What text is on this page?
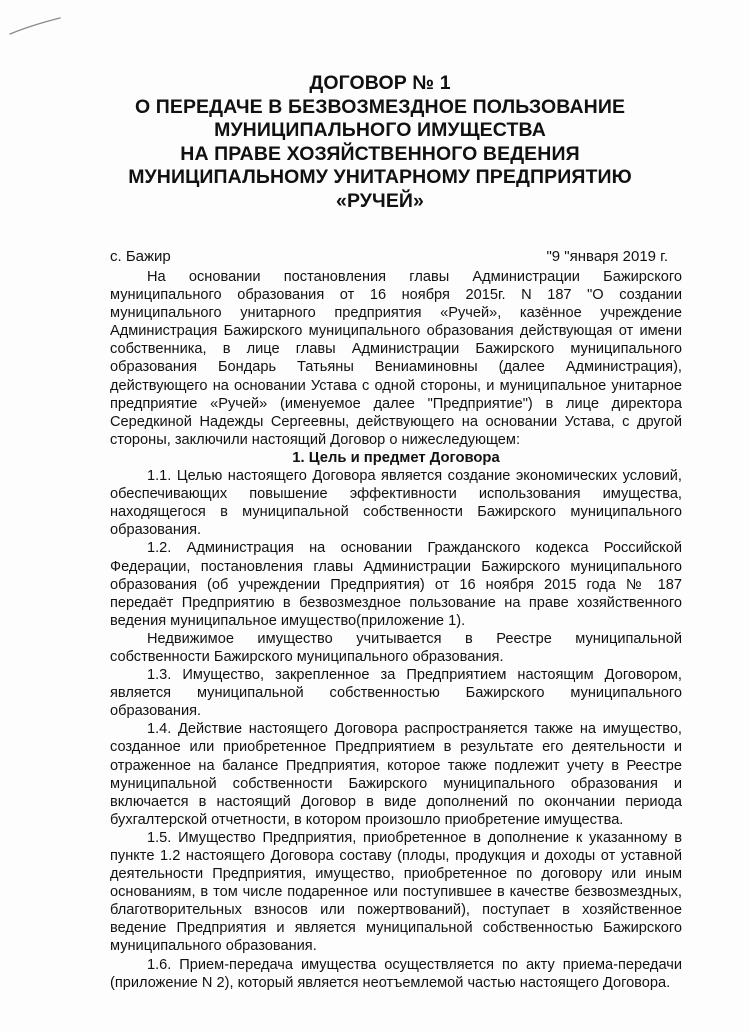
ДОГОВОР № 1
О ПЕРЕДАЧЕ В БЕЗВОЗМЕЗДНОЕ ПОЛЬЗОВАНИЕ
МУНИЦИПАЛЬНОГО ИМУЩЕСТВА
НА ПРАВЕ ХОЗЯЙСТВЕННОГО ВЕДЕНИЯ
МУНИЦИПАЛЬНОМУ УНИТАРНОМУ ПРЕДПРИЯТИЮ
«РУЧЕЙ»
с. Бажир	"9 "января 2019 г.

На основании постановления главы Администрации Бажирского муниципального образования от 16 ноября 2015г. N 187 "О создании муниципального унитарного предприятия «Ручей», казённое учреждение Администрация Бажирского муниципального образования действующая от имени собственника, в лице главы Администрации Бажирского муниципального образования Бондарь Татьяны Вениаминовны (далее Администрация), действующего на основании Устава с одной стороны, и муниципальное унитарное предприятие «Ручей» (именуемое далее "Предприятие") в лице директора Середкиной Надежды Сергеевны, действующего на основании Устава, с другой стороны, заключили настоящий Договор о нижеследующем:

1. Цель и предмет Договора

1.1. Целью настоящего Договора является создание экономических условий, обеспечивающих повышение эффективности использования имущества, находящегося в муниципальной собственности Бажирского муниципального образования.

1.2. Администрация на основании Гражданского кодекса Российской Федерации, постановления главы Администрации Бажирского муниципального образования (об учреждении Предприятия) от 16 ноября 2015 года № 187 передаёт Предприятию в безвозмездное пользование на праве хозяйственного ведения муниципальное имущество(приложение 1).

Недвижимое имущество учитывается в Реестре муниципальной собственности Бажирского муниципального образования.

1.3. Имущество, закрепленное за Предприятием настоящим Договором, является муниципальной собственностью Бажирского муниципального образования.

1.4. Действие настоящего Договора распространяется также на имущество, созданное или приобретенное Предприятием в результате его деятельности и отраженное на балансе Предприятия, которое также подлежит учету в Реестре муниципальной собственности Бажирского муниципального образования и включается в настоящий Договор в виде дополнений по окончании периода бухгалтерской отчетности, в котором произошло приобретение имущества.

1.5. Имущество Предприятия, приобретенное в дополнение к указанному в пункте 1.2 настоящего Договора составу (плоды, продукция и доходы от уставной деятельности Предприятия, имущество, приобретенное по договору или иным основаниям, в том числе подаренное или поступившее в качестве безвозмездных, благотворительных взносов или пожертвований), поступает в хозяйственное ведение Предприятия и является муниципальной собственностью Бажирского муниципального образования.

1.6. Прием-передача имущества осуществляется по акту приема-передачи (приложение N 2), который является неотъемлемой частью настоящего Договора.
